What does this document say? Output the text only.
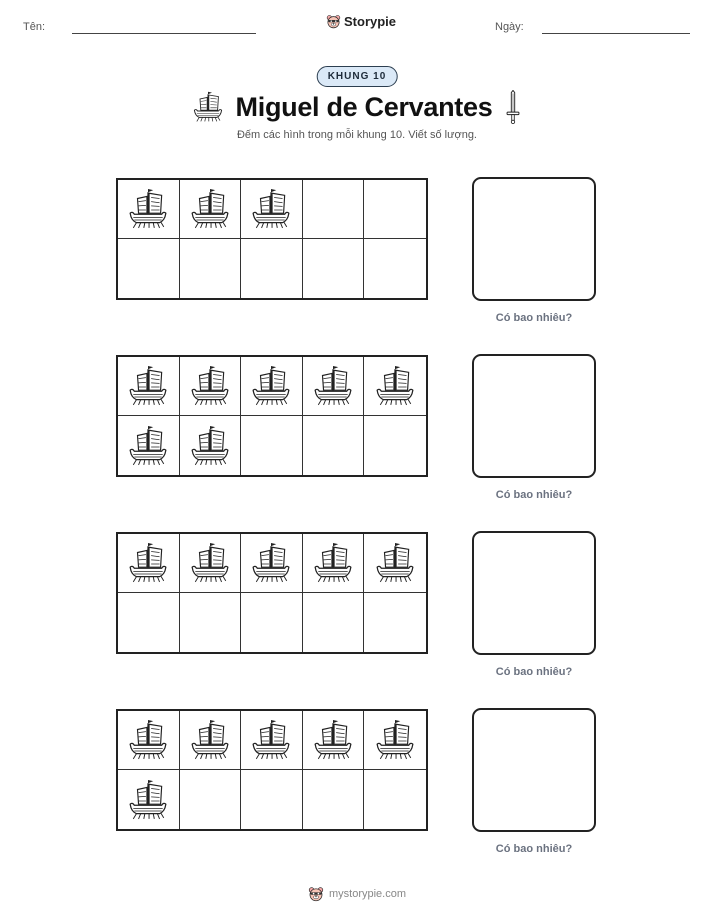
Tên:	Storypie	Ngày:
KHUNG 10
Miguel de Cervantes
Đếm các hình trong mỗi khung 10. Viết số lượng.
Có bao nhiêu?
Có bao nhiêu?
Có bao nhiêu?
Có bao nhiêu?
mystorypie.com
